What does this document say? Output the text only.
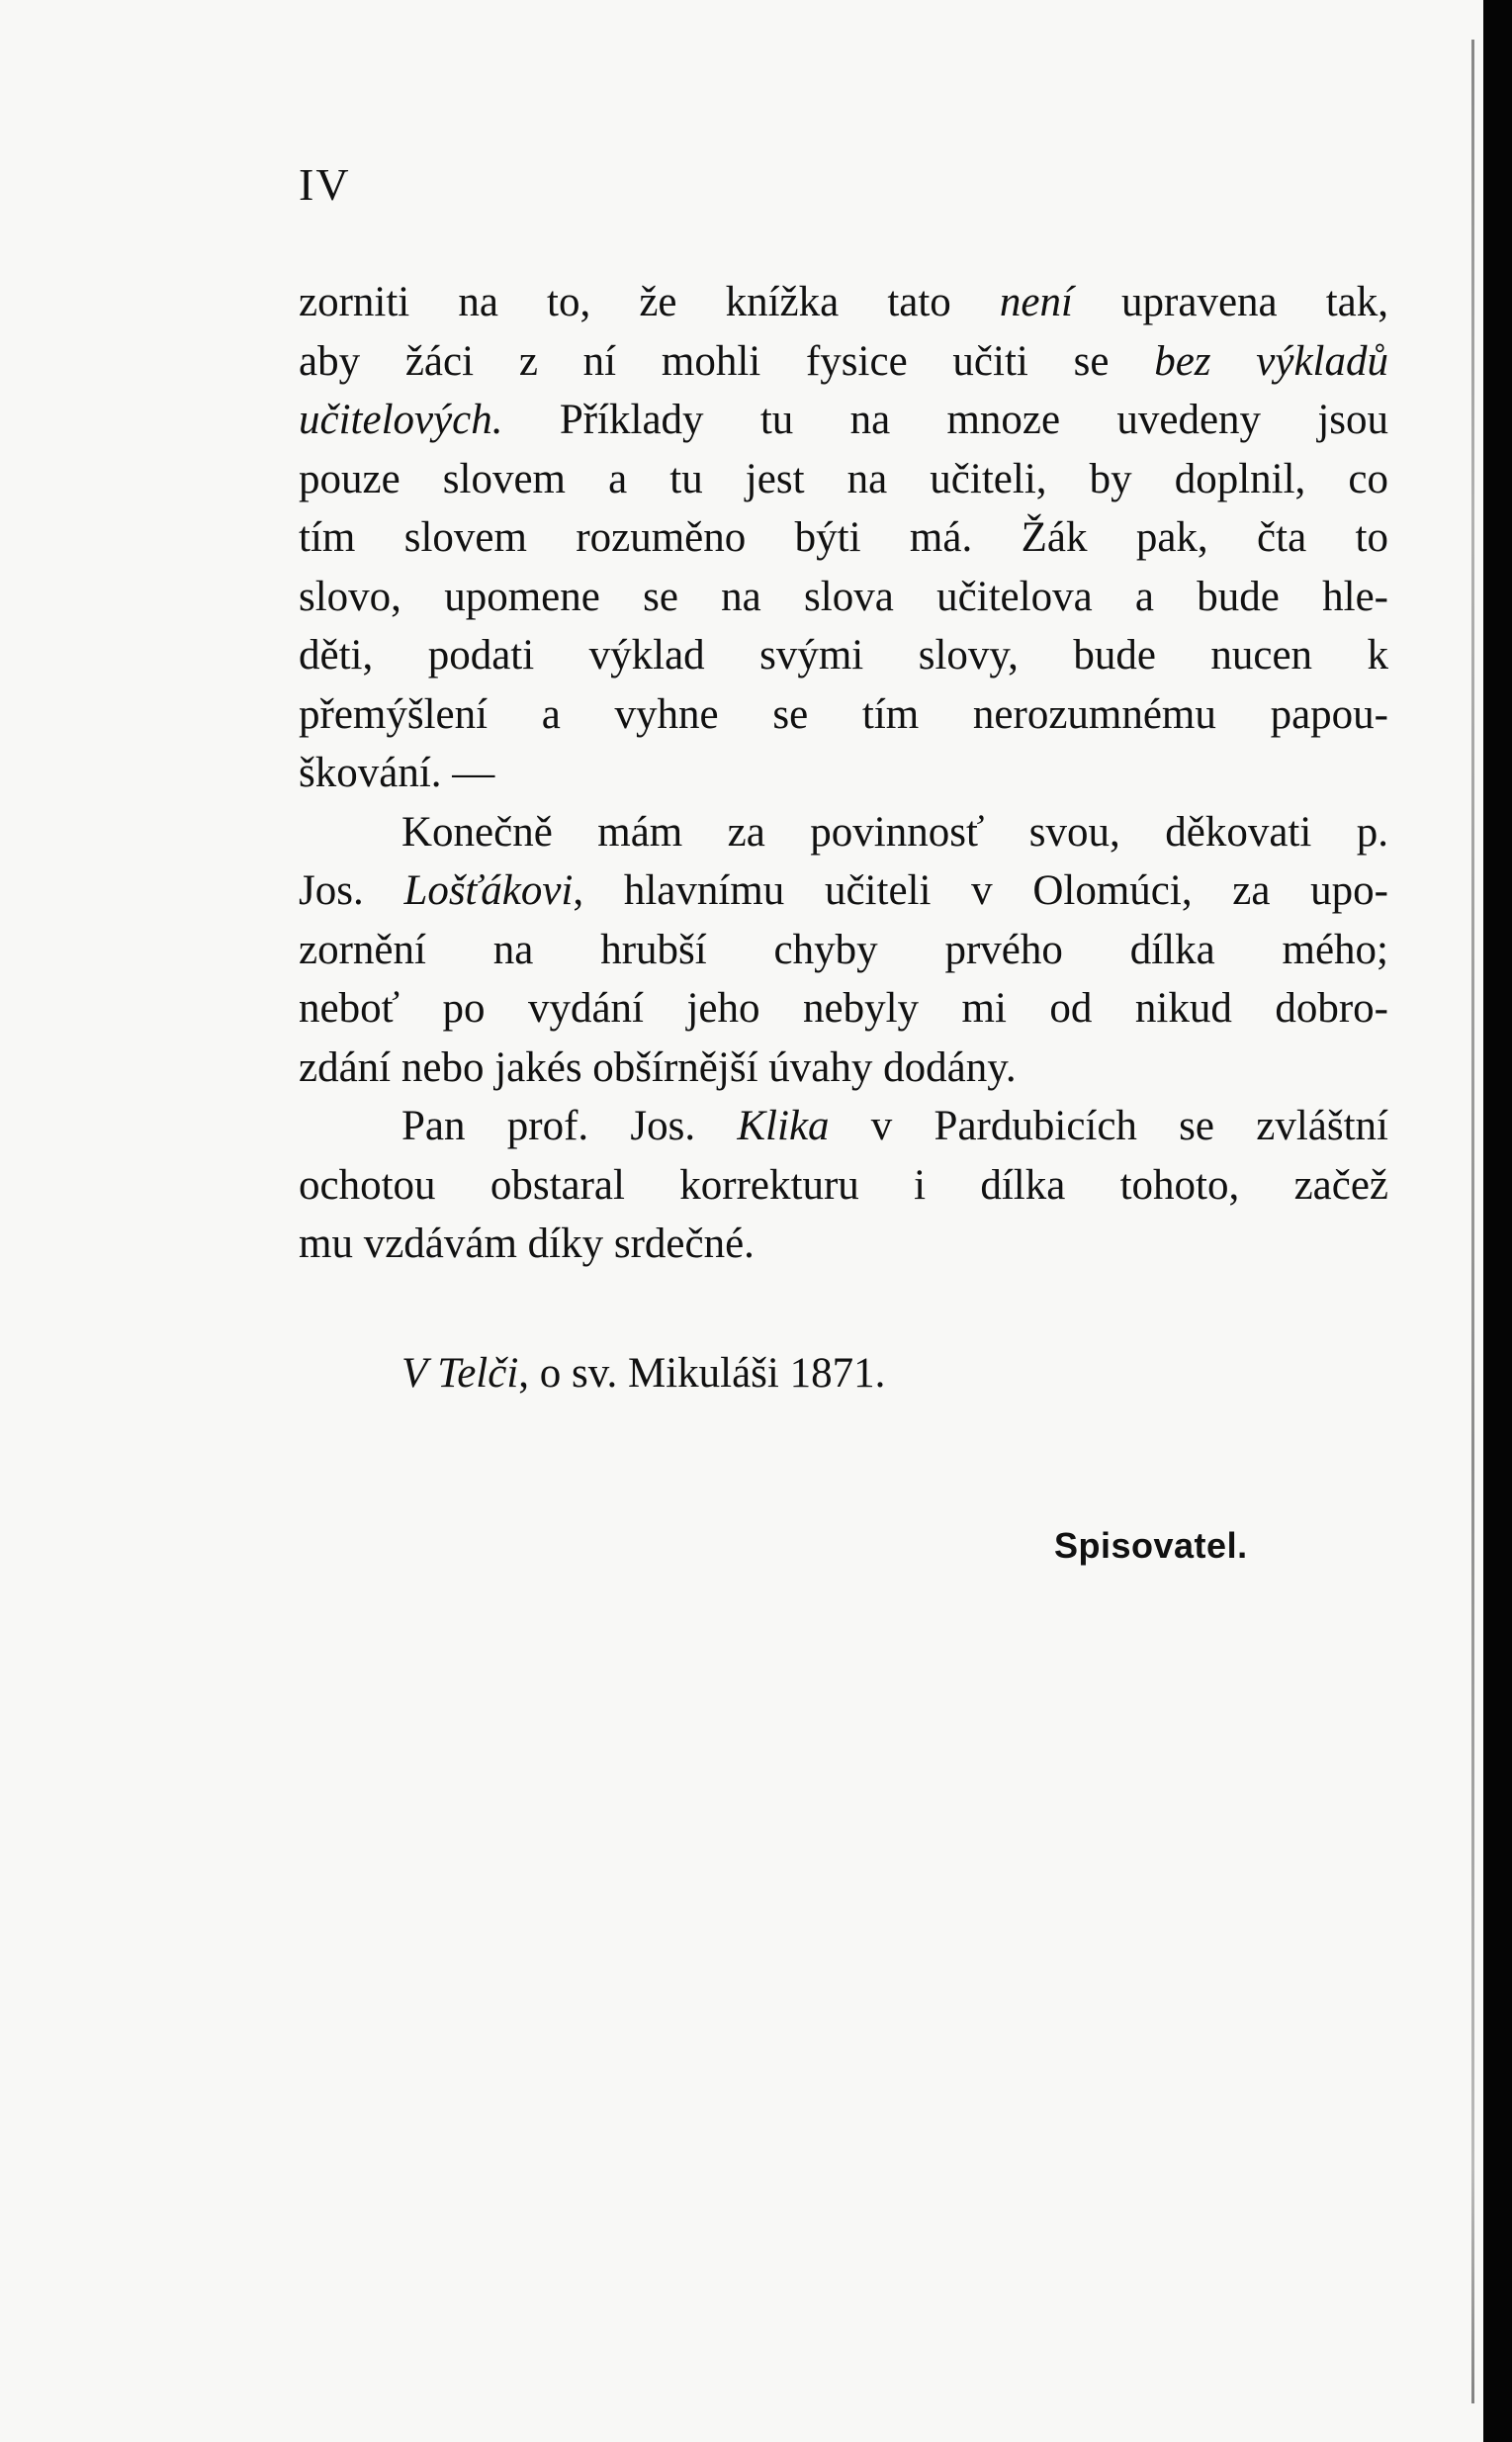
IV
zorniti na to, že knížka tato není upravena tak,
aby žáci z ní mohli fysice učiti se bez výkladů
učitelových. Příklady tu na mnoze uvedeny jsou
pouze slovem a tu jest na učiteli, by doplnil, co
tím slovem rozuměno býti má. Žák pak, čta to
slovo, upomene se na slova učitelova a bude hle-
děti, podati výklad svými slovy, bude nucen k
přemýšlení a vyhne se tím nerozumnému papou-
škování. —
Konečně mám za povinnosť svou, děkovati p.
Jos. Lošťákovi, hlavnímu učiteli v Olomúci, za upo-
zornění na hrubší chyby prvého dílka mého;
neboť po vydání jeho nebyly mi od nikud dobro-
zdání nebo jakés obšírnější úvahy dodány.
Pan prof. Jos. Klika v Pardubicích se zvláštní
ochotou obstaral korrekturu i dílka tohoto, začež
mu vzdávám díky srdečné.
V Telči, o sv. Mikuláši 1871.
Spisovatel.
